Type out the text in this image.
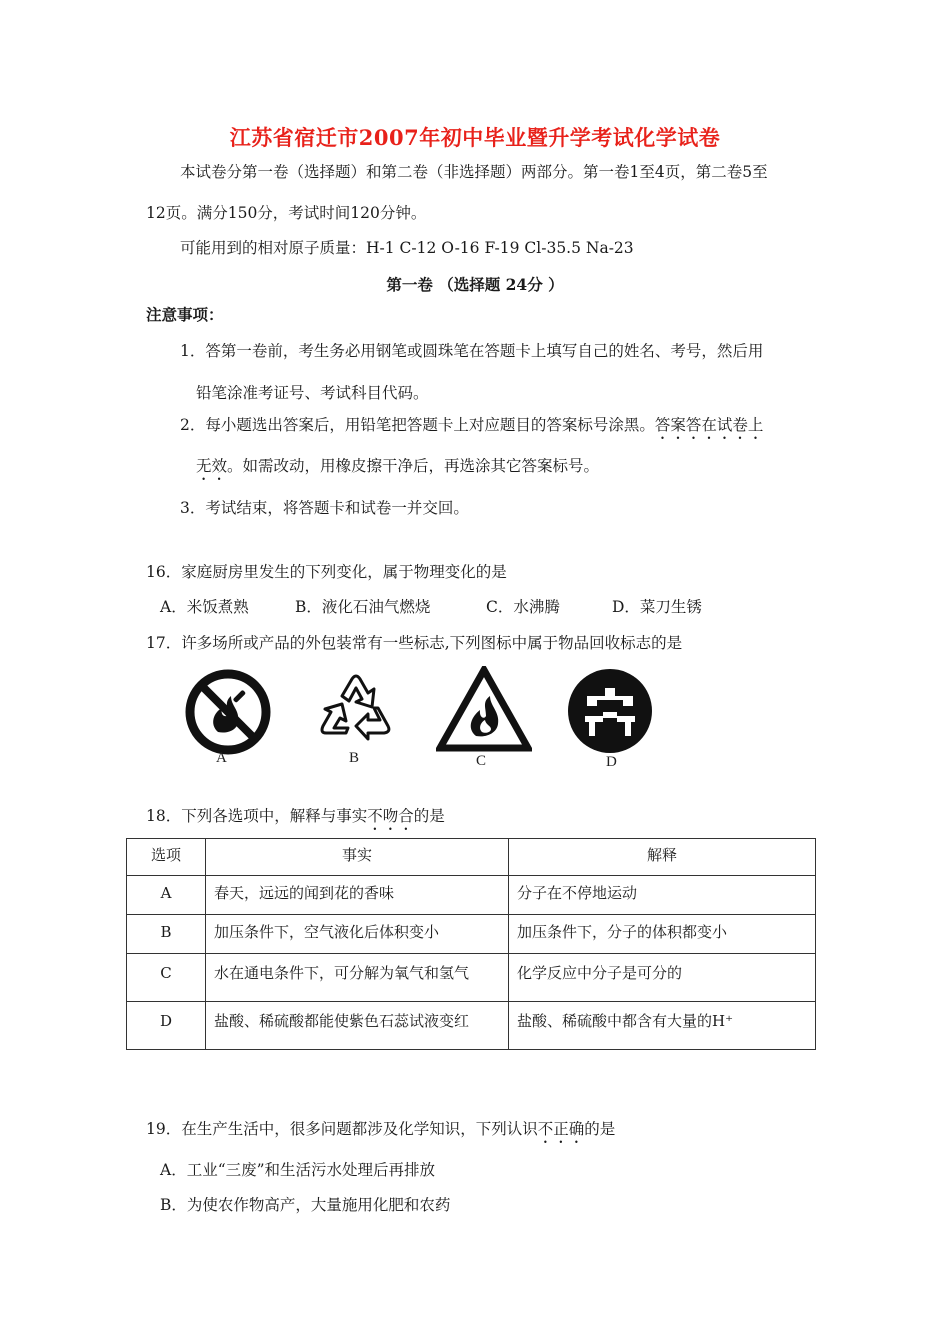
江苏省宿迁市2007年初中毕业暨升学考试化学试卷
本试卷分第一卷（选择题）和第二卷（非选择题）两部分。第一卷1至4页，第二卷5至
12页。满分150分，考试时间120分钟。
可能用到的相对原子质量：H-1 C-12 O-16 F-19 Cl-35.5 Na-23
第一卷 （选择题 24分 ）
注意事项：
1．答第一卷前，考生务必用钢笔或圆珠笔在答题卡上填写自己的姓名、考号，然后用
铅笔涂准考证号、考试科目代码。
2．每小题选出答案后，用铅笔把答题卡上对应题目的答案标号涂黑。答案答在试卷上
无效。如需改动，用橡皮擦干净后，再选涂其它答案标号。
3．考试结束，将答题卡和试卷一并交回。
16．家庭厨房里发生的下列变化，属于物理变化的是
A．米饭煮熟	B．液化石油气燃烧	C．水沸腾	D．菜刀生锈
17．许多场所或产品的外包装常有一些标志,下列图标中属于物品回收标志的是
A	B	C	D
18．下列各选项中，解释与事实不吻合的是
选项	事实	解释
A	春天，远远的闻到花的香味	分子在不停地运动
B	加压条件下，空气液化后体积变小	加压条件下，分子的体积都变小
C	水在通电条件下，可分解为氧气和氢气	化学反应中分子是可分的
D	盐酸、稀硫酸都能使紫色石蕊试液变红	盐酸、稀硫酸中都含有大量的H⁺
19．在生产生活中，很多问题都涉及化学知识，下列认识不正确的是
A．工业“三废”和生活污水处理后再排放
B．为使农作物高产，大量施用化肥和农药
